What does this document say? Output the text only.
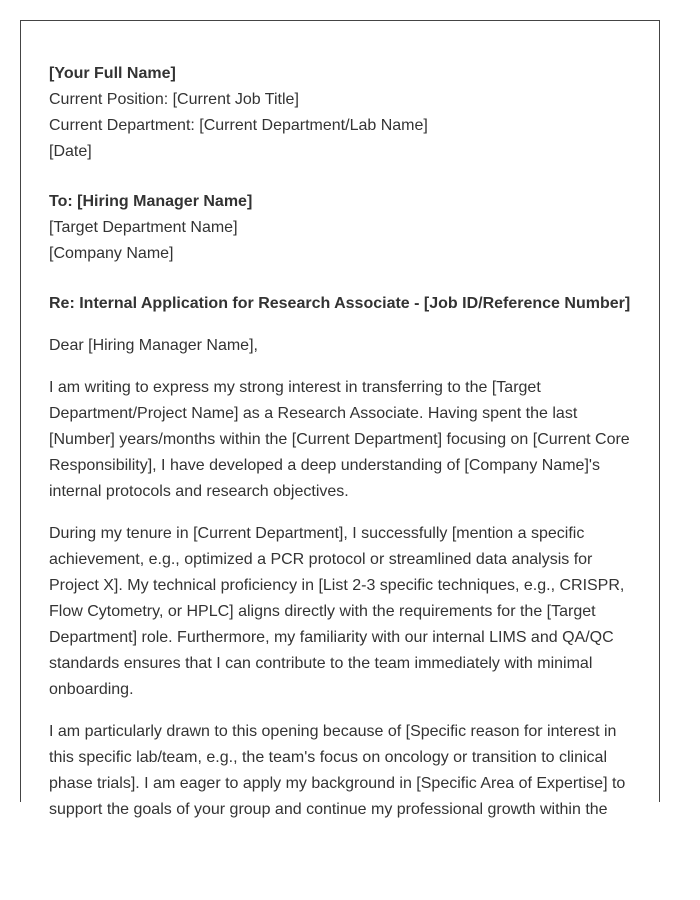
[Your Full Name]
Current Position: [Current Job Title]
Current Department: [Current Department/Lab Name]
[Date]
To: [Hiring Manager Name]
[Target Department Name]
[Company Name]

Re: Internal Application for Research Associate - [Job ID/Reference Number]

Dear [Hiring Manager Name],

I am writing to express my strong interest in transferring to the [Target Department/Project Name] as a Research Associate. Having spent the last [Number] years/months within the [Current Department] focusing on [Current Core Responsibility], I have developed a deep understanding of [Company Name]'s internal protocols and research objectives.

During my tenure in [Current Department], I successfully [mention a specific achievement, e.g., optimized a PCR protocol or streamlined data analysis for Project X]. My technical proficiency in [List 2-3 specific techniques, e.g., CRISPR, Flow Cytometry, or HPLC] aligns directly with the requirements for the [Target Department] role. Furthermore, my familiarity with our internal LIMS and QA/QC standards ensures that I can contribute to the team immediately with minimal onboarding.

I am particularly drawn to this opening because of [Specific reason for interest in this specific lab/team, e.g., the team's focus on oncology or transition to clinical phase trials]. I am eager to apply my background in [Specific Area of Expertise] to support the goals of your group and continue my professional growth within the
